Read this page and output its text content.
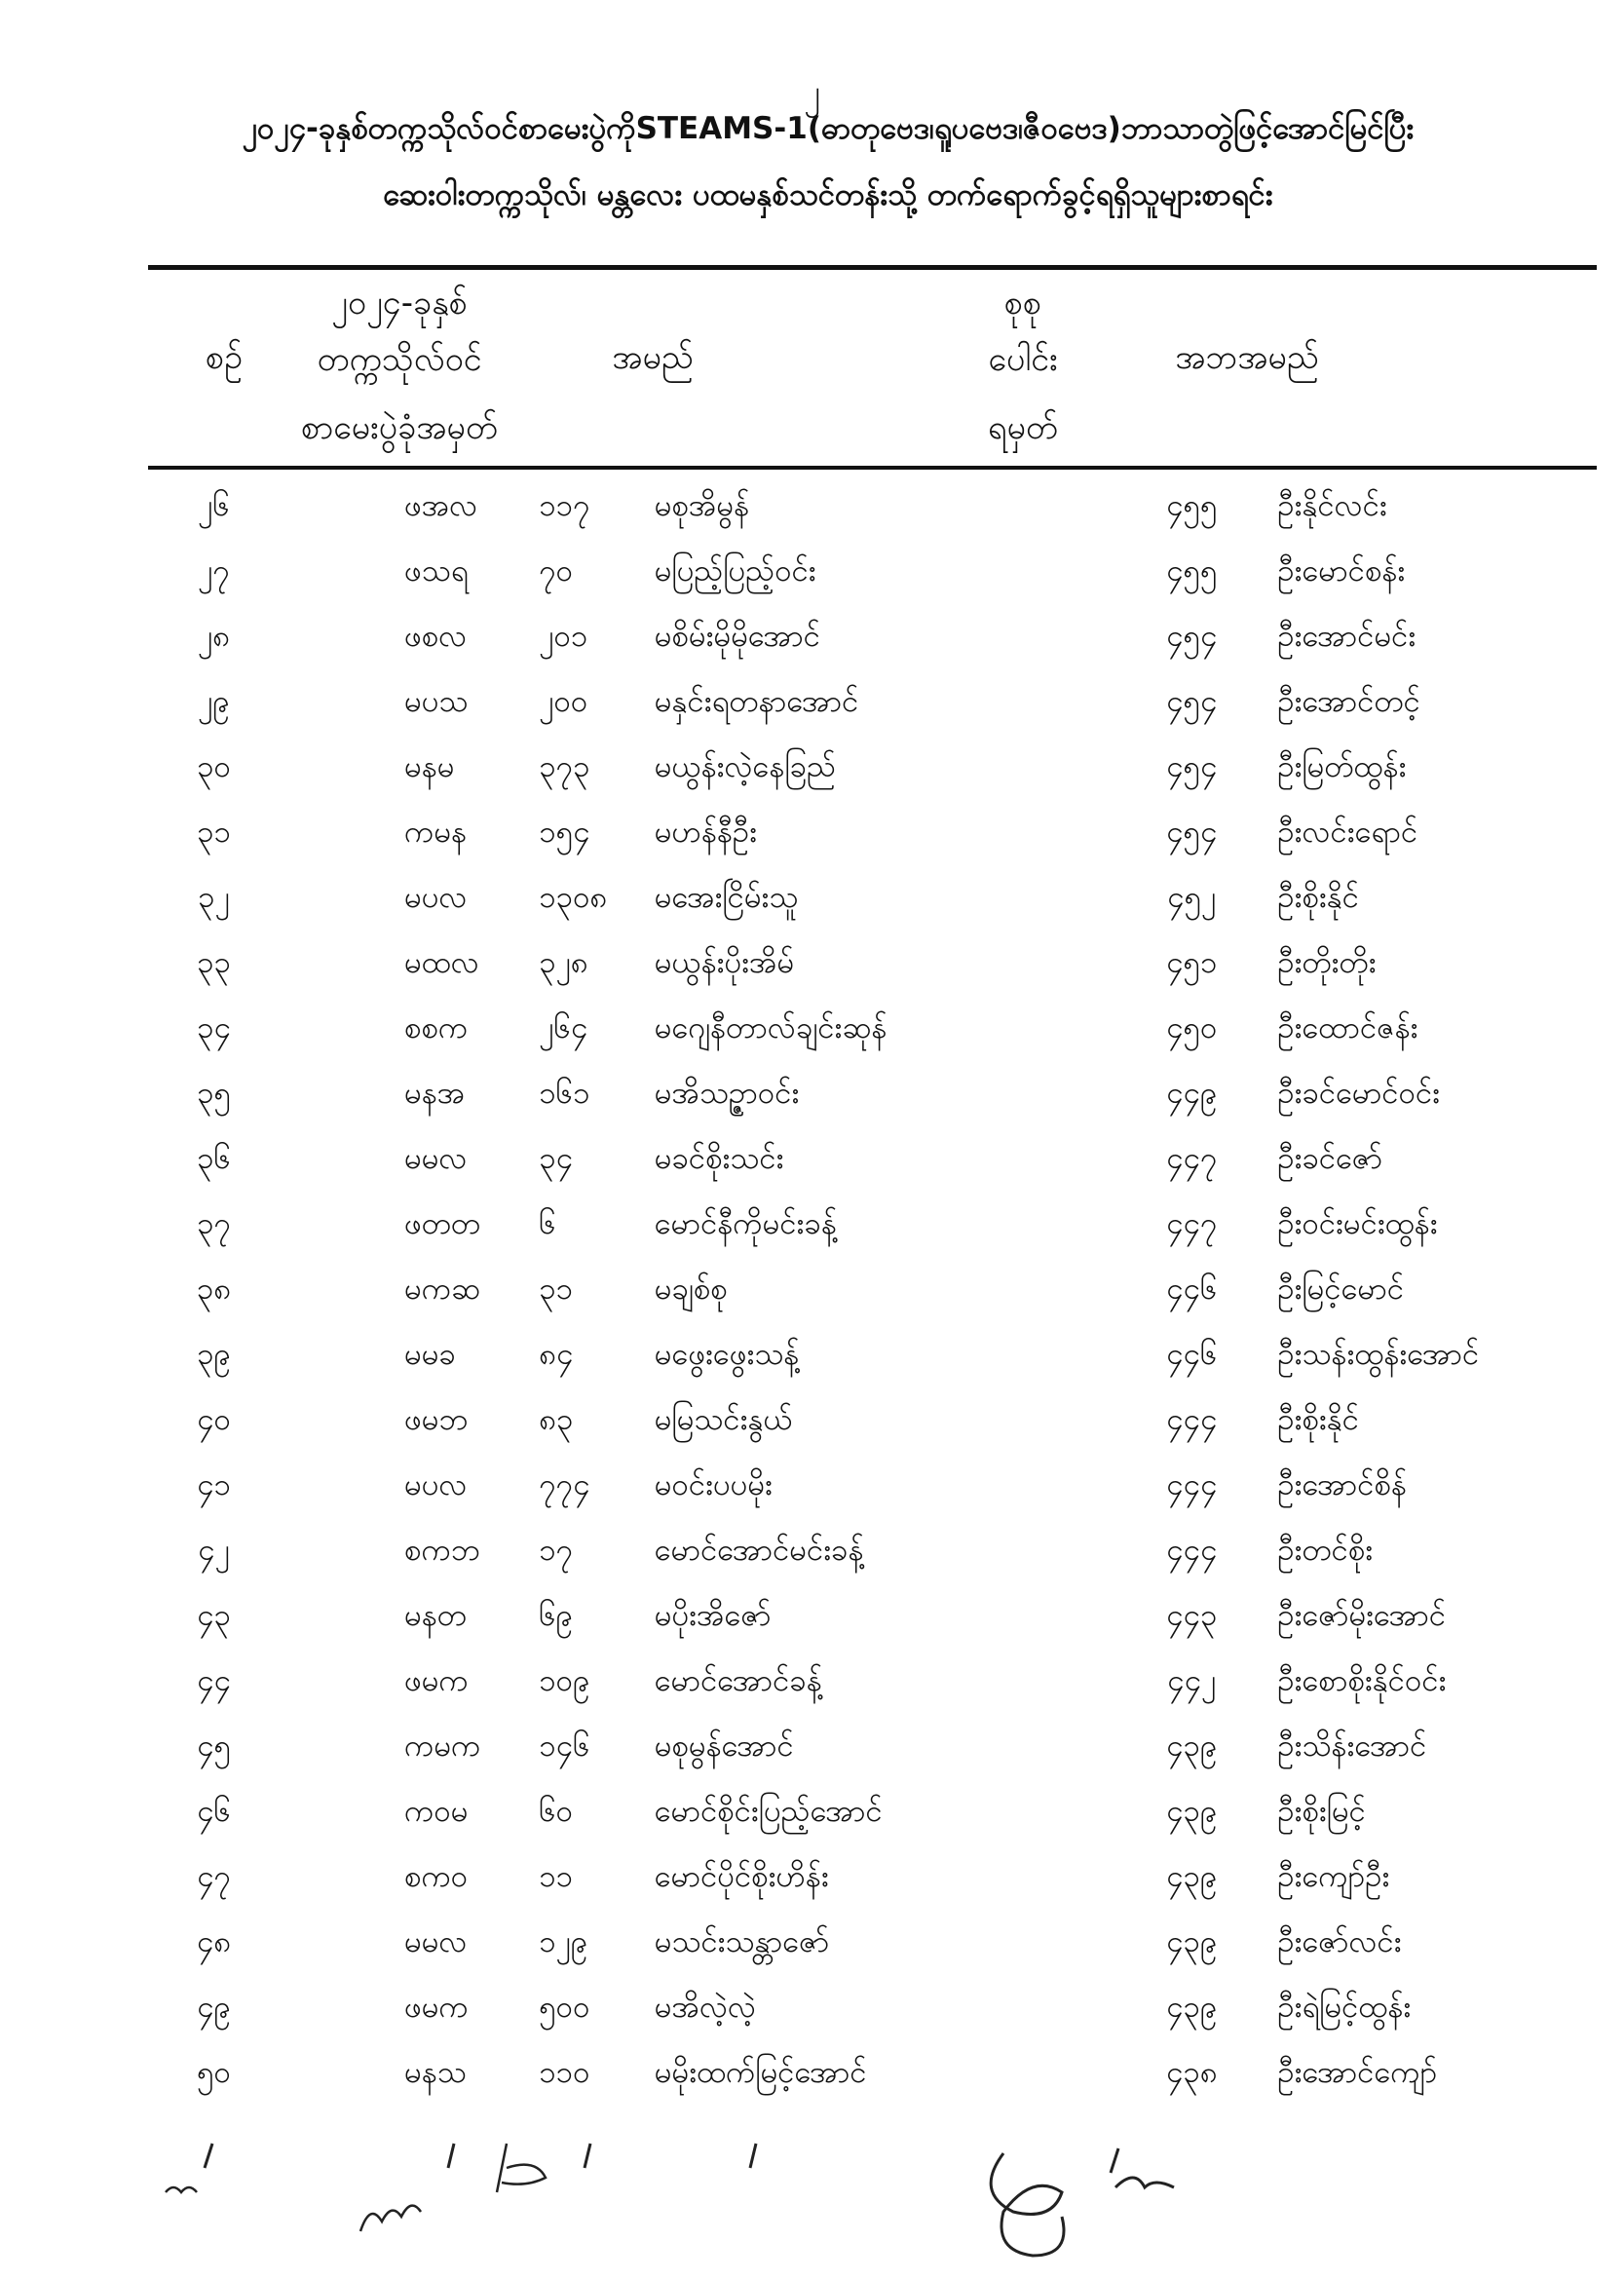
၂
၂၀၂၄-ခုနှစ်တက္ကသိုလ်ဝင်စာမေးပွဲကိုSTEAMS-1(ဓာတုဗေဒ၊ရူပဗေဒ၊ဇီဝဗေဒ)ဘာသာတွဲဖြင့်အောင်မြင်ပြီး
ဆေးဝါးတက္ကသိုလ်၊ မန္တလေး ပထမနှစ်သင်တန်းသို့ တက်ရောက်ခွင့်ရရှိသူများစာရင်း
စဉ်
၂၀၂၄-ခုနှစ်
တက္ကသိုလ်ဝင်
စာမေးပွဲခုံအမှတ်
အမည်
စုစု
ပေါင်း
ရမှတ်
အဘအမည်
၂၆	ဖအလ	၁၁၇	မစုအိမွန်	၄၅၅	ဦးနိုင်လင်း
၂၇	ဖသရ	၇၀	မပြည့်ပြည့်ဝင်း	၄၅၅	ဦးမောင်စန်း
၂၈	ဖစလ	၂၀၁	မစိမ်းမိုမိုအောင်	၄၅၄	ဦးအောင်မင်း
၂၉	မပသ	၂၀၀	မနှင်းရတနာအောင်	၄၅၄	ဦးအောင်တင့်
၃၀	မနမ	၃၇၃	မယွန်းလဲ့နေခြည်	၄၅၄	ဦးမြတ်ထွန်း
၃၁	ကမန	၁၅၄	မဟန်နီဦး	၄၅၄	ဦးလင်းရောင်
၃၂	မပလ	၁၃၀၈	မအေးငြိမ်းသူ	၄၅၂	ဦးစိုးနိုင်
၃၃	မထလ	၃၂၈	မယွန်းပိုးအိမ်	၄၅၁	ဦးတိုးတိုး
၃၄	စစက	၂၆၄	မဂျေနီတာလ်ချင်းဆုန်	၄၅၀	ဦးထောင်ဇန်း
၃၅	မနအ	၁၆၁	မအိသဉ္ဇာဝင်း	၄၄၉	ဦးခင်မောင်ဝင်း
၃၆	မမလ	၃၄	မခင်စိုးသင်း	၄၄၇	ဦးခင်ဇော်
၃၇	ဖတတ	၆	မောင်နီကိုမင်းခန့်	၄၄၇	ဦးဝင်းမင်းထွန်း
၃၈	မကဆ	၃၁	မချစ်စု	၄၄၆	ဦးမြင့်မောင်
၃၉	မမခ	၈၄	မဖွေးဖွေးသန့်	၄၄၆	ဦးသန်းထွန်းအောင်
၄၀	ဖမဘ	၈၃	မမြသင်းနွယ်	၄၄၄	ဦးစိုးနိုင်
၄၁	မပလ	၇၇၄	မဝင်းပပမိုး	၄၄၄	ဦးအောင်စိန်
၄၂	စကဘ	၁၇	မောင်အောင်မင်းခန့်	၄၄၄	ဦးတင်စိုး
၄၃	မနတ	၆၉	မပိုးအိဇော်	၄၄၃	ဦးဇော်မိုးအောင်
၄၄	ဖမက	၁၀၉	မောင်အောင်ခန့်	၄၄၂	ဦးစောစိုးနိုင်ဝင်း
၄၅	ကမက	၁၄၆	မစုမွန်အောင်	၄၃၉	ဦးသိန်းအောင်
၄၆	ကဝမ	၆၀	မောင်စိုင်းပြည့်အောင်	၄၃၉	ဦးစိုးမြင့်
၄၇	စကဝ	၁၁	မောင်ပိုင်စိုးဟိန်း	၄၃၉	ဦးကျော်ဦး
၄၈	မမလ	၁၂၉	မသင်းသန္တာဇော်	၄၃၉	ဦးဇော်လင်း
၄၉	ဖမက	၅၀၀	မအိလဲ့လဲ့	၄၃၉	ဦးရဲမြင့်ထွန်း
၅၀	မနသ	၁၁၀	မမိုးထက်မြင့်အောင်	၄၃၈	ဦးအောင်ကျော်
